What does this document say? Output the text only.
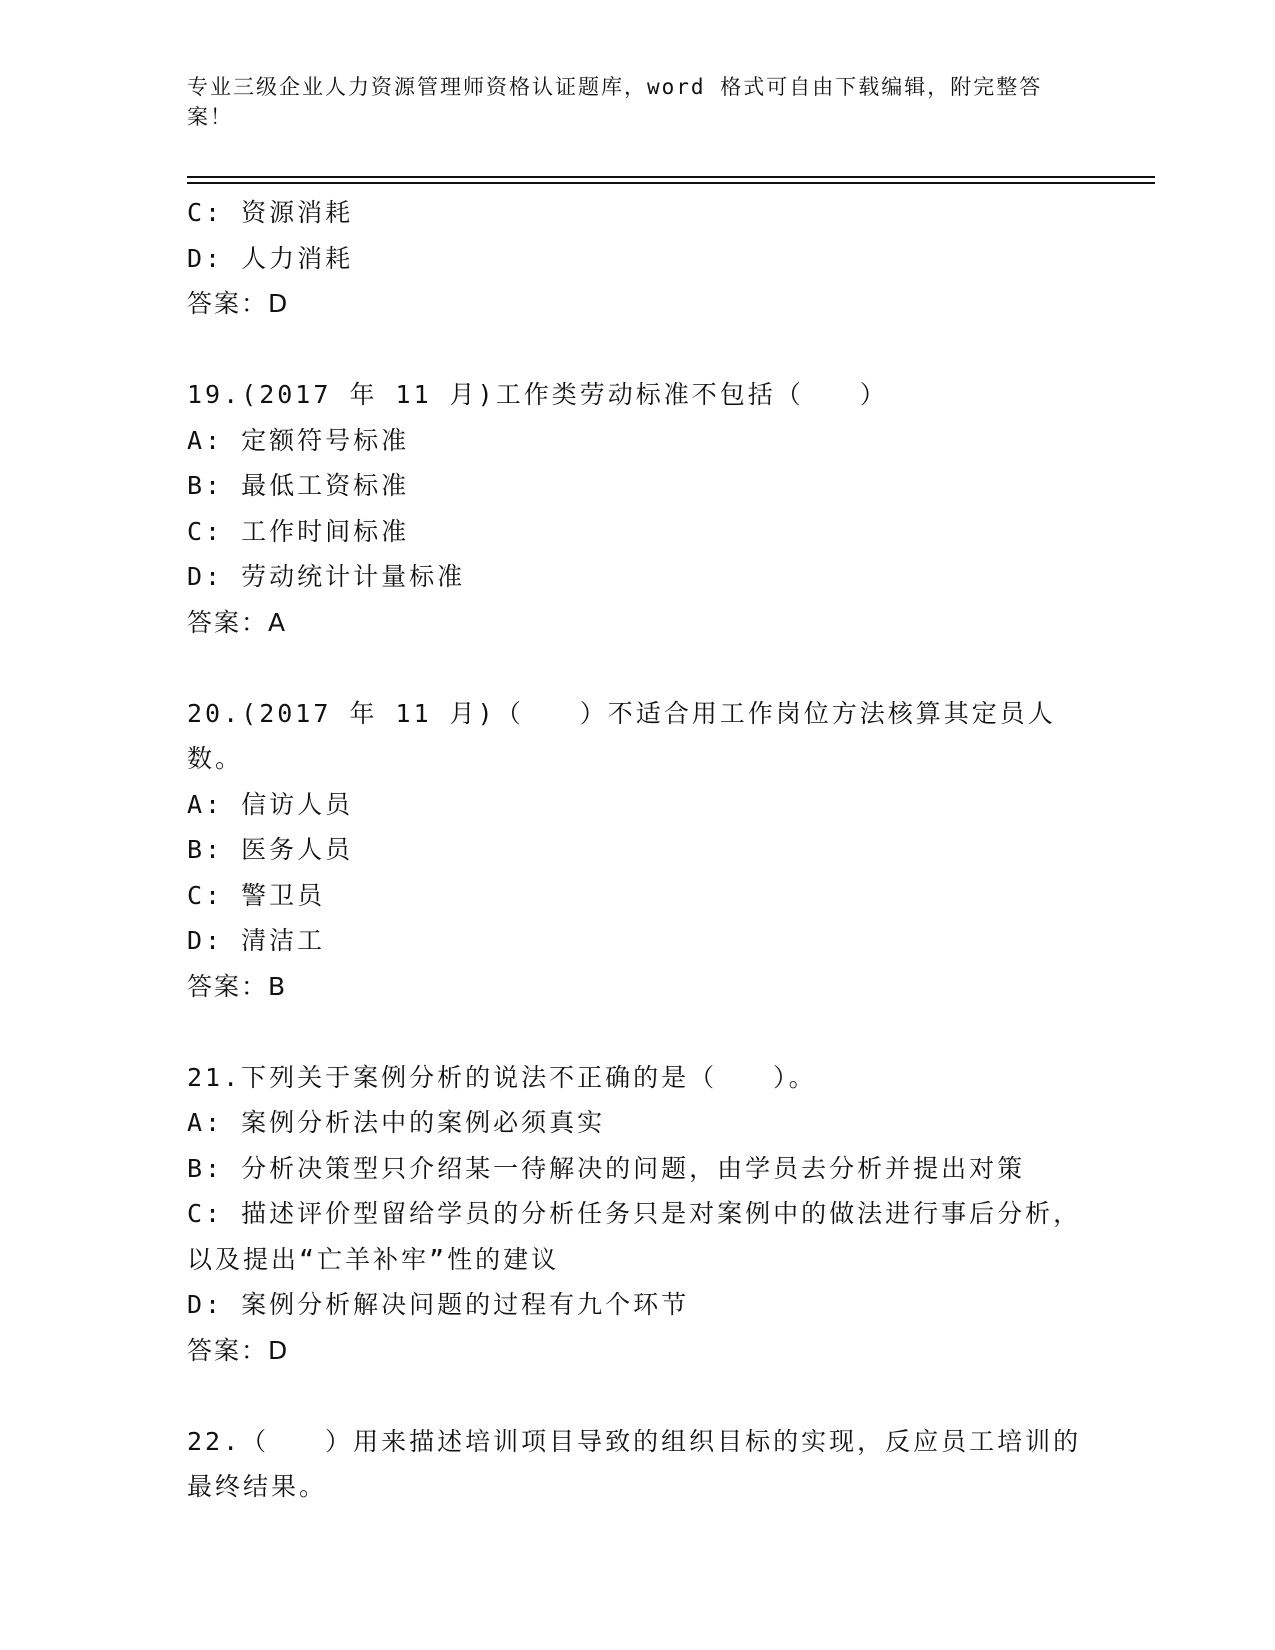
专业三级企业人力资源管理师资格认证题库，word 格式可自由下载编辑，附完整答案！
C: 资源消耗
D: 人力消耗
答案：D
19.(2017 年 11 月)工作类劳动标准不包括（　　）
A: 定额符号标准
B: 最低工资标准
C: 工作时间标准
D: 劳动统计计量标准
答案：A
20.(2017 年 11 月)（　　）不适合用工作岗位方法核算其定员人数。
A: 信访人员
B: 医务人员
C: 警卫员
D: 清洁工
答案：B
21.下列关于案例分析的说法不正确的是（　　）。
A: 案例分析法中的案例必须真实
B: 分析决策型只介绍某一待解决的问题，由学员去分析并提出对策
C: 描述评价型留给学员的分析任务只是对案例中的做法进行事后分析，以及提出“亡羊补牢”性的建议
D: 案例分析解决问题的过程有九个环节
答案：D
22.（　　）用来描述培训项目导致的组织目标的实现，反应员工培训的最终结果。
